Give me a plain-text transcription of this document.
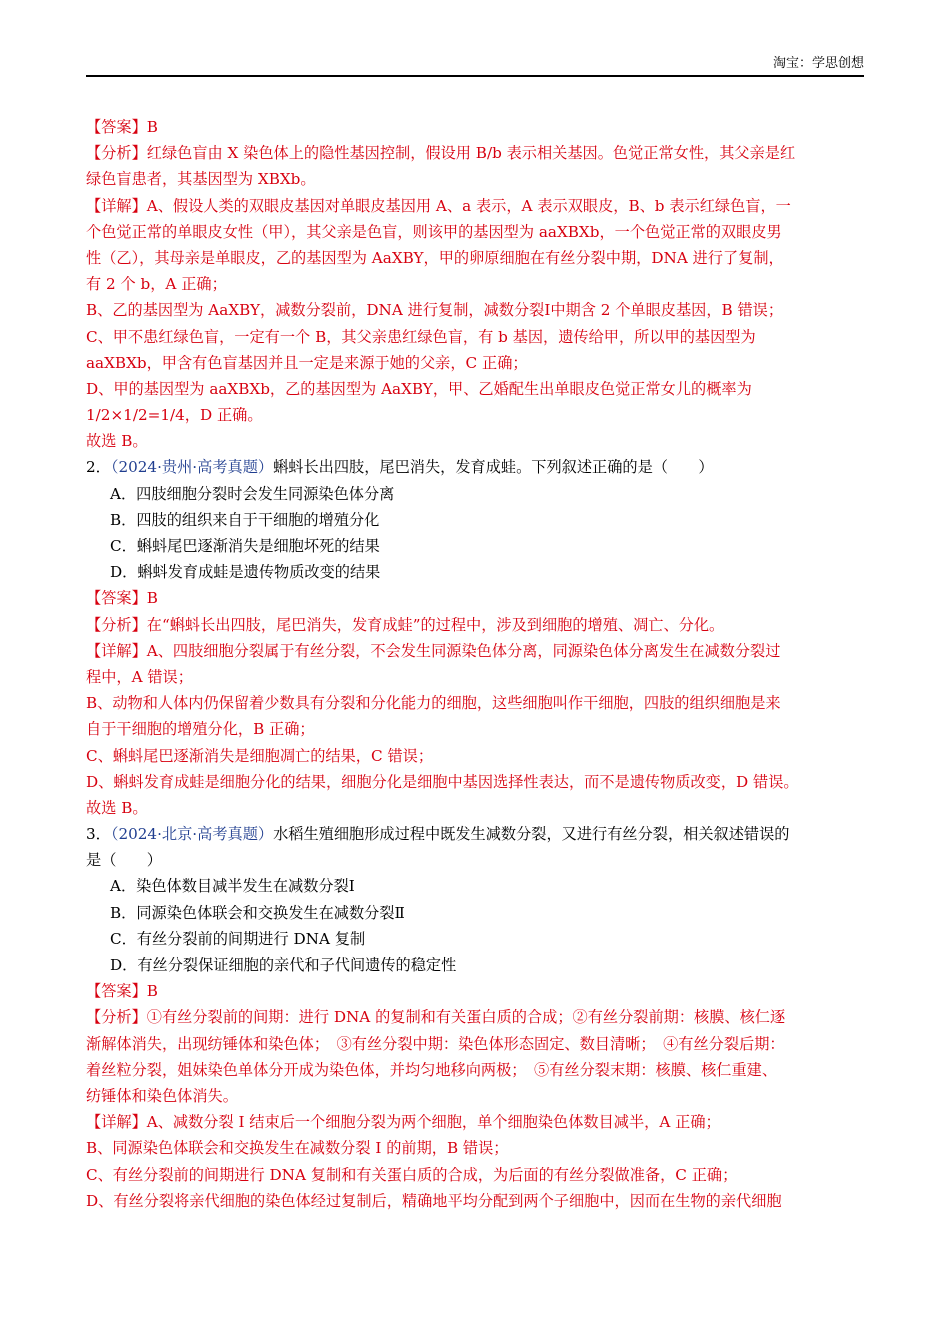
淘宝：学思创想
【答案】B
【分析】红绿色盲由 X 染色体上的隐性基因控制，假设用 B/b 表示相关基因。色觉正常女性，其父亲是红
绿色盲患者，其基因型为 XBXb。
【详解】A、假设人类的双眼皮基因对单眼皮基因用 A、a 表示，A 表示双眼皮，B、b 表示红绿色盲，一
个色觉正常的单眼皮女性（甲），其父亲是色盲，则该甲的基因型为 aaXBXb，一个色觉正常的双眼皮男
性（乙），其母亲是单眼皮，乙的基因型为 AaXBY，甲的卵原细胞在有丝分裂中期，DNA 进行了复制，
有 2 个 b，A 正确；
B、乙的基因型为 AaXBY，减数分裂前，DNA 进行复制，减数分裂Ⅰ中期含 2 个单眼皮基因，B 错误；
C、甲不患红绿色盲，一定有一个 B，其父亲患红绿色盲，有 b 基因，遗传给甲，所以甲的基因型为
aaXBXb，甲含有色盲基因并且一定是来源于她的父亲，C 正确；
D、甲的基因型为 aaXBXb，乙的基因型为 AaXBY，甲、乙婚配生出单眼皮色觉正常女儿的概率为
1/2×1/2=1/4，D 正确。
故选 B。
2．（2024·贵州·高考真题）蝌蚪长出四肢，尾巴消失，发育成蛙。下列叙述正确的是（　　）
A．四肢细胞分裂时会发生同源染色体分离
B．四肢的组织来自于干细胞的增殖分化
C．蝌蚪尾巴逐渐消失是细胞坏死的结果
D．蝌蚪发育成蛙是遗传物质改变的结果
【答案】B
【分析】在“蝌蚪长出四肢，尾巴消失，发育成蛙”的过程中，涉及到细胞的增殖、凋亡、分化。
【详解】A、四肢细胞分裂属于有丝分裂，不会发生同源染色体分离，同源染色体分离发生在减数分裂过
程中，A 错误；
B、动物和人体内仍保留着少数具有分裂和分化能力的细胞，这些细胞叫作干细胞，四肢的组织细胞是来
自于干细胞的增殖分化，B 正确；
C、蝌蚪尾巴逐渐消失是细胞凋亡的结果，C 错误；
D、蝌蚪发育成蛙是细胞分化的结果，细胞分化是细胞中基因选择性表达，而不是遗传物质改变，D 错误。
故选 B。
3．（2024·北京·高考真题）水稻生殖细胞形成过程中既发生减数分裂，又进行有丝分裂，相关叙述错误的
是（　　）
A．染色体数目减半发生在减数分裂Ⅰ
B．同源染色体联会和交换发生在减数分裂Ⅱ
C．有丝分裂前的间期进行 DNA 复制
D．有丝分裂保证细胞的亲代和子代间遗传的稳定性
【答案】B
【分析】①有丝分裂前的间期：进行 DNA 的复制和有关蛋白质的合成；②有丝分裂前期：核膜、核仁逐
渐解体消失，出现纺锤体和染色体；　③有丝分裂中期：染色体形态固定、数目清晰；　④有丝分裂后期：
着丝粒分裂，姐妹染色单体分开成为染色体，并均匀地移向两极；　⑤有丝分裂末期：核膜、核仁重建、
纺锤体和染色体消失。
【详解】A、减数分裂 I 结束后一个细胞分裂为两个细胞，单个细胞染色体数目减半，A 正确；
B、同源染色体联会和交换发生在减数分裂 I 的前期，B 错误；
C、有丝分裂前的间期进行 DNA 复制和有关蛋白质的合成，为后面的有丝分裂做准备，C 正确；
D、有丝分裂将亲代细胞的染色体经过复制后，精确地平均分配到两个子细胞中，因而在生物的亲代细胞
